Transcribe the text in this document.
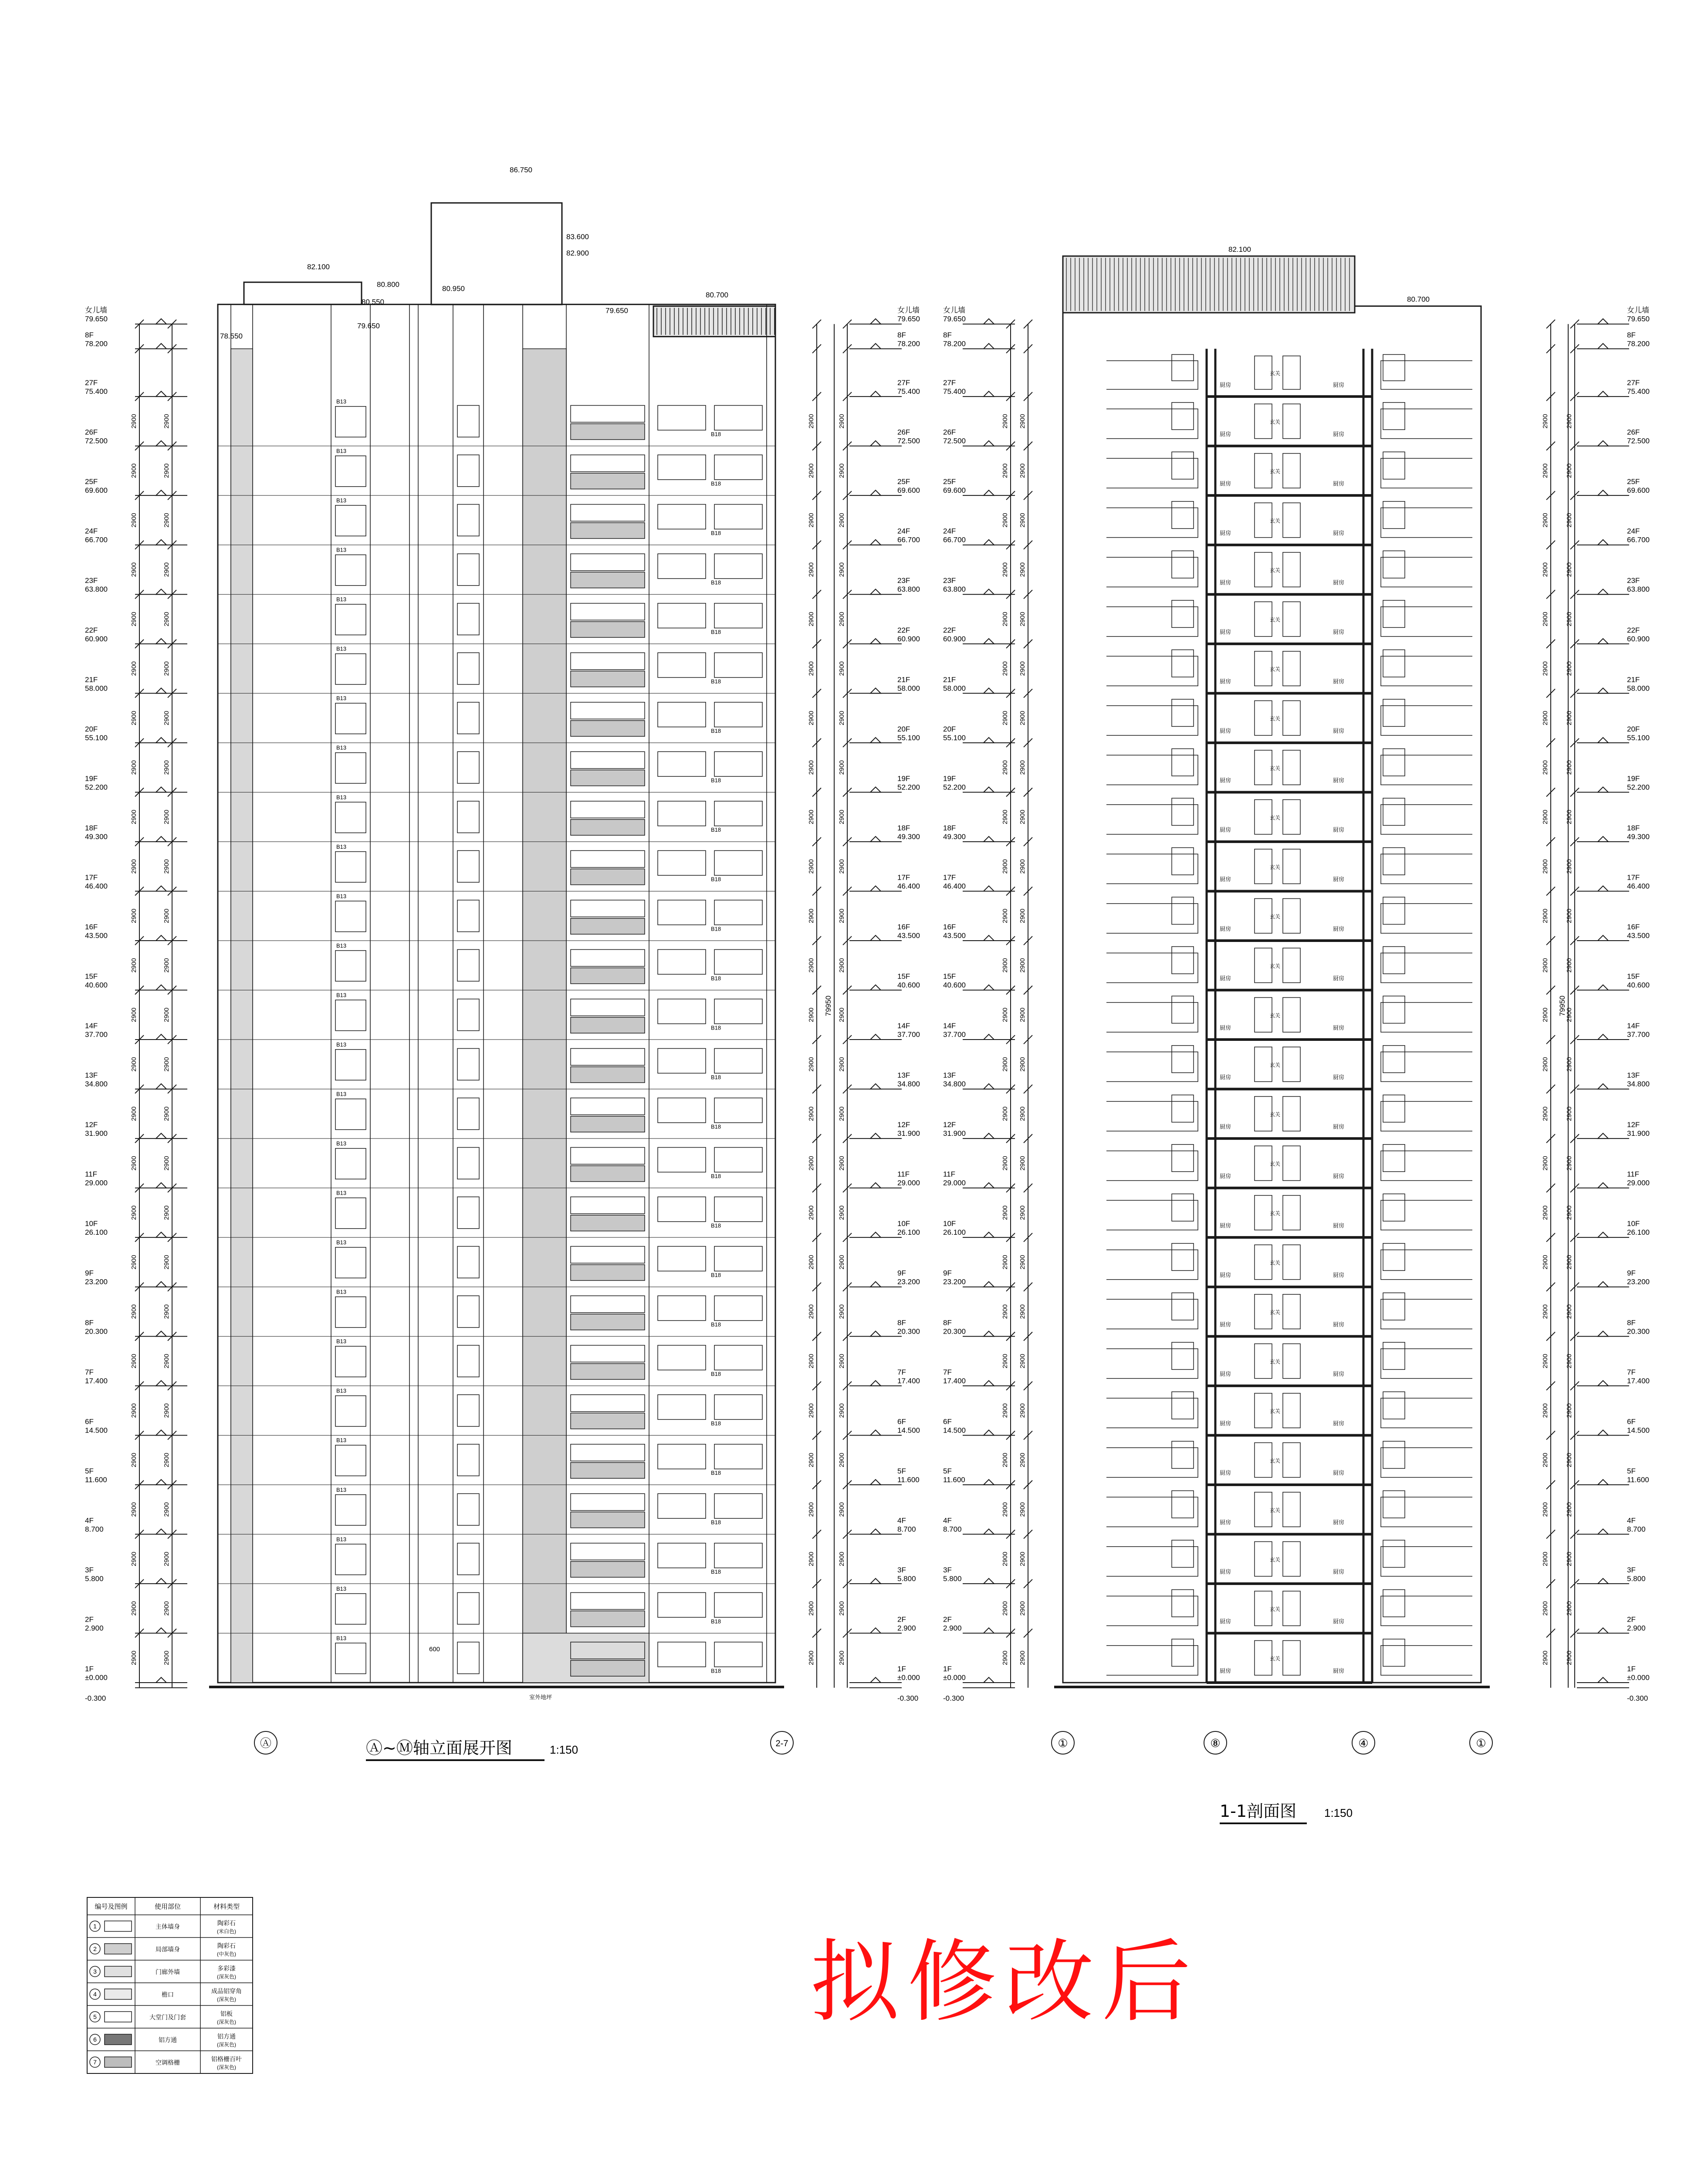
女儿墙
79.650
8F
78.200
27F
75.400
26F
72.500
25F
69.600
24F
66.700
23F
63.800
22F
60.900
21F
58.000
20F
55.100
19F
52.200
18F
49.300
17F
46.400
16F
43.500
15F
40.600
14F
37.700
13F
34.800
12F
31.900
11F
29.000
10F
26.100
9F
23.200
8F
20.300
7F
17.400
6F
14.500
5F
11.600
4F
8.700
3F
5.800
2F
2.900
1F
±0.000
-0.300
2900
2900
2900
2900
2900
2900
2900
2900
2900
2900
2900
2900
2900
2900
2900
2900
2900
2900
2900
2900
2900
2900
2900
2900
2900
2900
2900
2900
2900
2900
2900
2900
2900
2900
2900
2900
2900
2900
2900
2900
2900
2900
2900
2900
2900
2900
2900
2900
2900
2900
2900
2900
女儿墙
79.650
8F
78.200
27F
75.400
26F
72.500
25F
69.600
24F
66.700
23F
63.800
22F
60.900
21F
58.000
20F
55.100
19F
52.200
18F
49.300
17F
46.400
16F
43.500
15F
40.600
14F
37.700
13F
34.800
12F
31.900
11F
29.000
10F
26.100
9F
23.200
8F
20.300
7F
17.400
6F
14.500
5F
11.600
4F
8.700
3F
5.800
2F
2.900
1F
±0.000
-0.300
2900
2900
2900
2900
2900
2900
2900
2900
2900
2900
2900
2900
2900
2900
2900
2900
2900
2900
2900
2900
2900
2900
2900
2900
2900
2900
79950
2900
2900
2900
2900
2900
2900
2900
2900
2900
2900
2900
2900
2900
2900
2900
2900
2900
2900
2900
2900
2900
2900
2900
2900
2900
2900
B13
B18
B13
B18
B13
B18
B13
B18
B13
B18
B13
B18
B13
B18
B13
B18
B13
B18
B13
B18
B13
B18
B13
B18
B13
B18
B13
B18
B13
B18
B13
B18
B13
B18
B13
B18
B13
B18
B13
B18
B13
B18
B13
B18
B13
B18
B13
B18
B13
B18
B13
B18
86.750
83.600
82.900
82.100
80.950
80.800
80.700
80.550
79.650
79.650
78.550
Ⓐ	2-7
室外地坪
600
女儿墙
79.650
8F
78.200
27F
75.400
26F
72.500
25F
69.600
24F
66.700
23F
63.800
22F
60.900
21F
58.000
20F
55.100
19F
52.200
18F
49.300
17F
46.400
16F
43.500
15F
40.600
14F
37.700
13F
34.800
12F
31.900
11F
29.000
10F
26.100
9F
23.200
8F
20.300
7F
17.400
6F
14.500
5F
11.600
4F
8.700
3F
5.800
2F
2.900
1F
±0.000
-0.300
2900
2900
2900
2900
2900
2900
2900
2900
2900
2900
2900
2900
2900
2900
2900
2900
2900
2900
2900
2900
2900
2900
2900
2900
2900
2900
2900
2900
2900
2900
2900
2900
2900
2900
2900
2900
2900
2900
2900
2900
2900
2900
2900
2900
2900
2900
2900
2900
2900
2900
2900
2900
女儿墙
79.650
8F
78.200
27F
75.400
26F
72.500
25F
69.600
24F
66.700
23F
63.800
22F
60.900
21F
58.000
20F
55.100
19F
52.200
18F
49.300
17F
46.400
16F
43.500
15F
40.600
14F
37.700
13F
34.800
12F
31.900
11F
29.000
10F
26.100
9F
23.200
8F
20.300
7F
17.400
6F
14.500
5F
11.600
4F
8.700
3F
5.800
2F
2.900
1F
±0.000
-0.300
2900
2900
2900
2900
2900
2900
2900
2900
2900
2900
2900
2900
2900
2900
2900
2900
2900
2900
2900
2900
2900
2900
2900
2900
2900
2900
79950
2900
2900
2900
2900
2900
2900
2900
2900
2900
2900
2900
2900
2900
2900
2900
2900
2900
2900
2900
2900
2900
2900
2900
2900
2900
2900
82.100
80.700
厨房	厨房
玄关
厨房	厨房
玄关
厨房	厨房
玄关
厨房	厨房
玄关
厨房	厨房
玄关
厨房	厨房
玄关
厨房	厨房
玄关
厨房	厨房
玄关
厨房	厨房
玄关
厨房	厨房
玄关
厨房	厨房
玄关
厨房	厨房
玄关
厨房	厨房
玄关
厨房	厨房
玄关
厨房	厨房
玄关
厨房	厨房
玄关
厨房	厨房
玄关
厨房	厨房
玄关
厨房	厨房
玄关
厨房	厨房
玄关
厨房	厨房
玄关
厨房	厨房
玄关
厨房	厨房
玄关
厨房	厨房
玄关
厨房	厨房
玄关
厨房	厨房
玄关
厨房	厨房
玄关
①	⑧	④	①
Ⓐ~Ⓜ轴立面展开图	1:150
1-1剖面图 1:150
编号及图例	使用部位	材料类型
1	主体墙身	陶彩石
(米白色)
2	局部墙身	陶彩石
(中灰色)
3	门廊外墙	多彩漆
(深灰色)
4	檐口	成品铝穿角
(深灰色)
5	大堂门及门套	铝板
(深灰色)
6	铝方通	铝方通
(深灰色)
7	空调格栅	铝格栅百叶
(深灰色)
拟修改后
